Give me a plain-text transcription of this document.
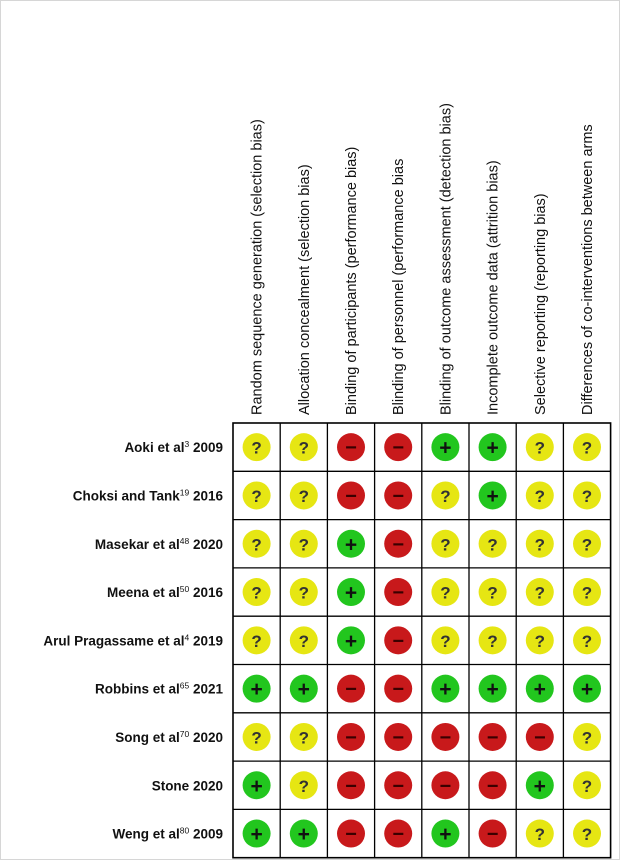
Random sequence generation (selection bias) Allocation concealment (selection bias) Binding of participants (performance bias) Blinding of personnel (performance bias Blinding of outcome assessment (detection bias) Incomplete outcome data (attrition bias) Selective reporting (reporting bias) Differences of co-interventions between arms
Aoki et $al^3$ 2009
Choksi and Tank$^{19}$ 2016
Masekar et $al^{48}$ 2020
Meena et $al^{50}$ 2016
Arul Pragassame et $al^4$ 2019
Robbins et $al^{65}$ 2021
Song et $al^{70}$ 2020
Stone 2020
Weng et $al^{80}$ 2009
? ? − − + + ? ?
? ? − − ? + ? ?
? ? + − ? ? ? ?
? ? + − ? ? ? ?
? ? + − ? ? ? ?
+ + − − + + + +
? ? − − − − − ?
+ ? − − − − + ?
+ + − − + − ? ?
